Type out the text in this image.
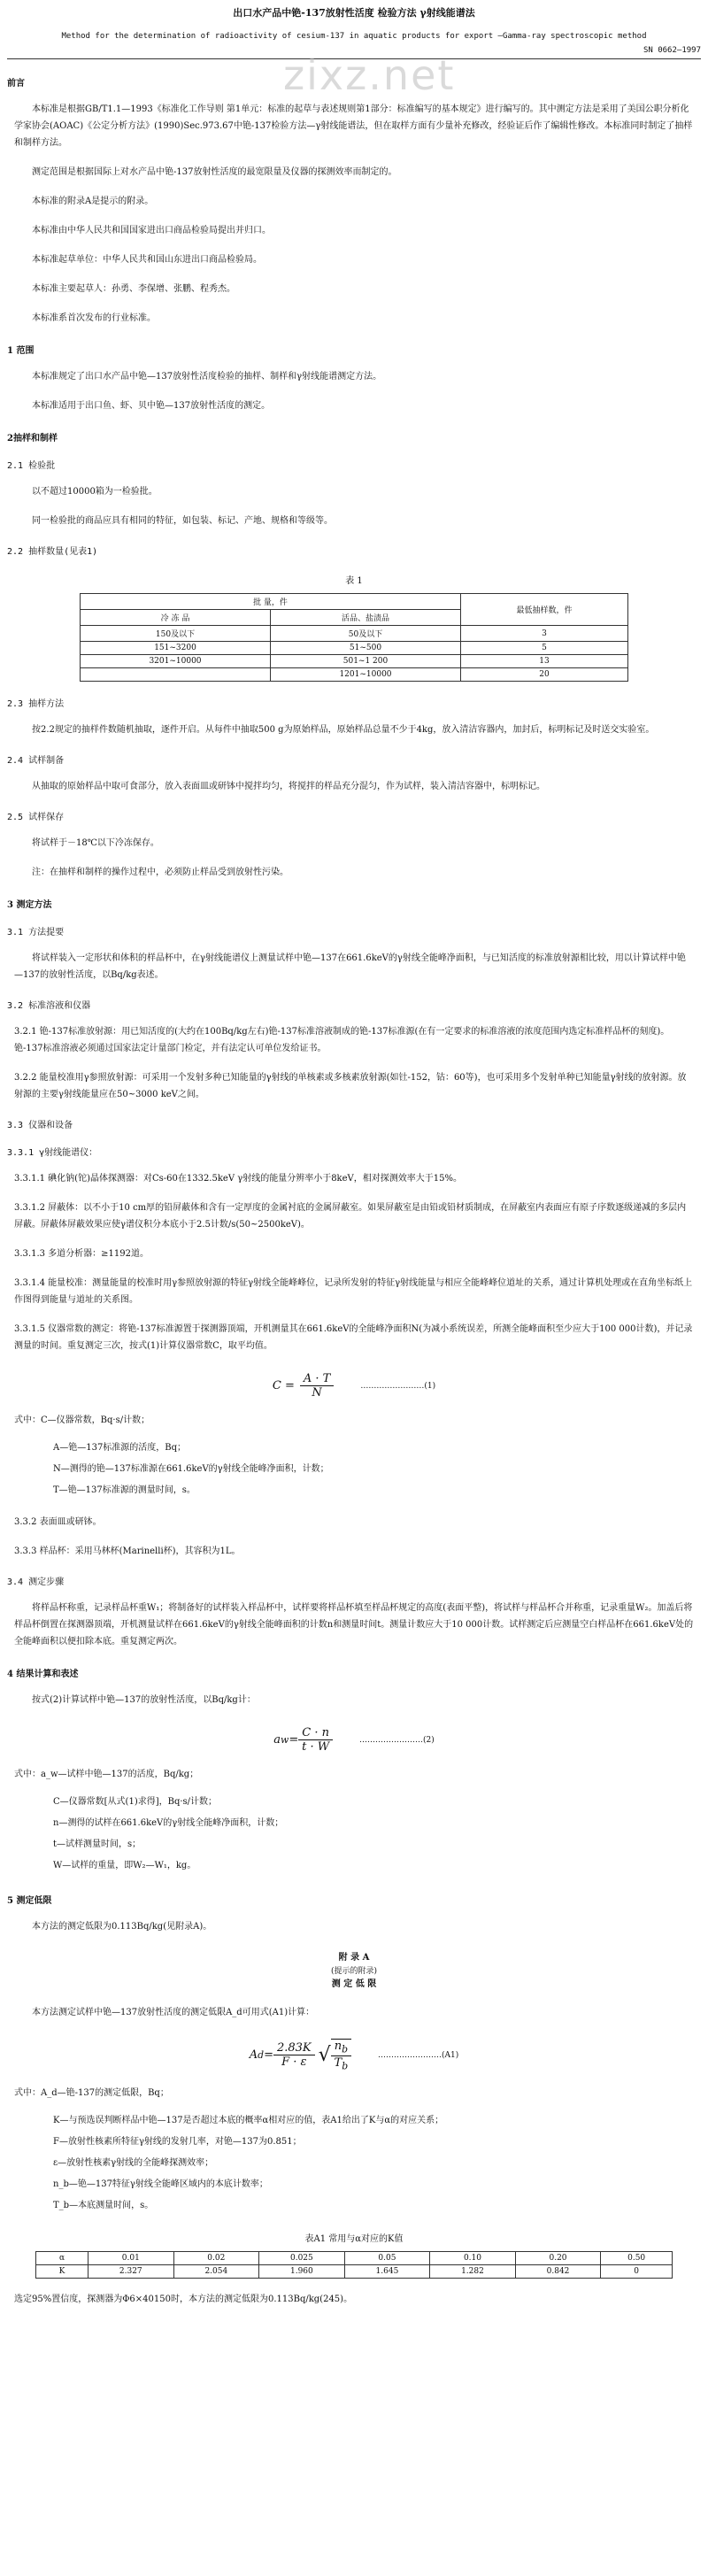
zixz.net
出口水产品中铯-137放射性活度 检验方法 γ射线能谱法
Method for the determination of radioactivity of cesium-137 in aquatic products for export —Gamma-ray spectroscopic method
SN 0662—1997
前言

本标准是根据GB/T1.1—1993《标准化工作导则 第1单元：标准的起草与表述规则第1部分：标准编写的基本规定》进行编写的。其中测定方法是采用了美国公职分析化学家协会(AOAC)《公定分析方法》(1990)Sec.973.67中铯-137检验方法—γ射线能谱法，但在取样方面有少量补充修改，经验证后作了编辑性修改。本标准同时制定了抽样和制样方法。

测定范围是根据国际上对水产品中铯-137放射性活度的最宽限量及仪器的探测效率而制定的。

本标准的附录A是提示的附录。

本标准由中华人民共和国国家进出口商品检验局提出并归口。

本标准起草单位：中华人民共和国山东进出口商品检验局。

本标准主要起草人：孙勇、李保增、张鹏、程秀杰。

本标准系首次发布的行业标准。

1 范围

本标准规定了出口水产品中铯—137放射性活度检验的抽样、制样和γ射线能谱测定方法。

本标准适用于出口鱼、虾、贝中铯—137放射性活度的测定。

2抽样和制样
2.1 检验批

以不超过10000箱为一检验批。

同一检验批的商品应具有相同的特征，如包装、标记、产地、规格和等级等。

2.2 抽样数量(见表1)
表 1
批 量，件		最低抽样数，件
冷 冻 品	活品、盐渍品	
150及以下	50及以下	3
151~3200	51~500	5
3201~10000	501~1 200	13
	1201~10000	20
2.3 抽样方法

按2.2规定的抽样件数随机抽取，逐件开启。从每件中抽取500 g为原始样品，原始样品总量不少于4kg，放入清洁容器内，加封后，标明标记及时送交实验室。

2.4 试样制备

从抽取的原始样品中取可食部分，放入表面皿或研钵中搅拌均匀，将搅拌的样品充分混匀，作为试样，装入清洁容器中，标明标记。

2.5 试样保存

将试样于－18℃以下冷冻保存。

注：在抽样和制样的操作过程中，必须防止样品受到放射性污染。

3 测定方法
3.1 方法提要

将试样装入一定形状和体积的样品杯中，在γ射线能谱仪上测量试样中铯—137在661.6keV的γ射线全能峰净面积，与已知活度的标准放射源相比较，用以计算试样中铯—137的放射性活度，以Bq/kg表述。

3.2 标准溶液和仪器

3.2.1 铯-137标准放射源：用已知活度的(大约在100Bq/kg左右)铯-137标准溶液制成的铯-137标准源(在有一定要求的标准溶液的浓度范围内选定标准样品杯的刻度)。铯-137标准溶液必须通过国家法定计量部门检定，并有法定认可单位发给证书。

3.2.2 能量校准用γ参照放射源：可采用一个发射多种已知能量的γ射线的单核素或多核素放射源(如钍-152，钴：60等)，也可采用多个发射单种已知能量γ射线的放射源。放射源的主要γ射线能量应在50~3000 keV之间。

3.3 仪器和设备
3.3.1 γ射线能谱仪：

3.3.1.1 碘化钠(铊)晶体探测器：对Cs-60在1332.5keV γ射线的能量分辨率小于8keV，相对探测效率大于15%。

3.3.1.2 屏蔽体：以不小于10 cm厚的铅屏蔽体和含有一定厚度的金属衬底的金属屏蔽室。如果屏蔽室是由铅或铅材质制成，在屏蔽室内表面应有原子序数逐级递减的多层内屏蔽。屏蔽体屏蔽效果应使γ谱仪积分本底小于2.5计数/s(50~2500keV)。

3.3.1.3 多道分析器：≥1192道。

3.3.1.4 能量校准：测量能量的校准时用γ参照放射源的特征γ射线全能峰峰位，记录所发射的特征γ射线能量与相应全能峰峰位道址的关系，通过计算机处理或在直角坐标纸上作图得到能量与道址的关系图。

3.3.1.5 仪器常数的测定：将铯-137标准源置于探测器顶端，开机测量其在661.6keV的全能峰净面积N(为减小系统误差，所测全能峰面积至少应大于100 000计数)，并记录测量的时间。重复测定三次，按式(1)计算仪器常数C，取平均值。

$C = \frac{A \cdot T}{N}$	……………………(1)

式中：C—仪器常数，Bq·s/计数；

A—铯—137标准源的活度，Bq；
N—测得的铯—137标准源在661.6keV的γ射线全能峰净面积，计数；
T—铯—137标准源的测量时间，s。

3.3.2 表面皿或研钵。

3.3.3 样品杯：采用马林杯(Marinelli杯)，其容积为1L。

3.4 测定步骤

将样品杯称重，记录样品杯重W₁；将制备好的试样装入样品杯中，试样要将样品杯填至样品杯规定的高度(表面平整)，将试样与样品杯合并称重，记录重量W₂。加盖后将样品杯倒置在探测器顶端，开机测量试样在661.6keV的γ射线全能峰面积的计数n和测量时间t。测量计数应大于10 000计数。试样测定后应测量空白样品杯在661.6keV处的全能峰面积以便扣除本底。重复测定两次。

4 结果计算和表述

按式(2)计算试样中铯—137的放射性活度，以Bq/kg计：

a $w = \frac{C \cdot n}{t \cdot W}$	……………………(2)

式中：a_w—试样中铯—137的活度，Bq/kg；

C—仪器常数[从式(1)求得]，Bq·s/计数；
n—测得的试样在661.6keV的γ射线全能峰净面积，计数；
t—试样测量时间，s；
W—试样的重量，即W₂—W₁，kg。
5 测定低限

本方法的测定低限为0.113Bq/kg(见附录A)。

附 录 A
(提示的附录)
测 定 低 限

本方法测定试样中铯—137放射性活度的测定低限A_d可用式(A1)计算：

A $d = \frac{2.83K}{F \cdot \varepsilon}$ √ $\frac{n_b}{T_b}$	……………………(A1)

式中：A_d—铯-137的测定低限，Bq；

K—与预选误判断样品中铯—137是否超过本底的概率α相对应的值，表A1给出了K与α的对应关系；
F—放射性核素所特征γ射线的发射几率，对铯—137为0.851；
ε—放射性核素γ射线的全能峰探测效率；
n_b—铯—137特征γ射线全能峰区域内的本底计数率；
T_b—本底测量时间，s。
表A1 常用与α对应的K值
α	0.01	0.02	0.025	0.05	0.10	0.20	0.50
K	2.327	2.054	1.960	1.645	1.282	0.842	0

选定95%置信度，探测器为Φ6×40150时，本方法的测定低限为0.113Bq/kg(245)。
